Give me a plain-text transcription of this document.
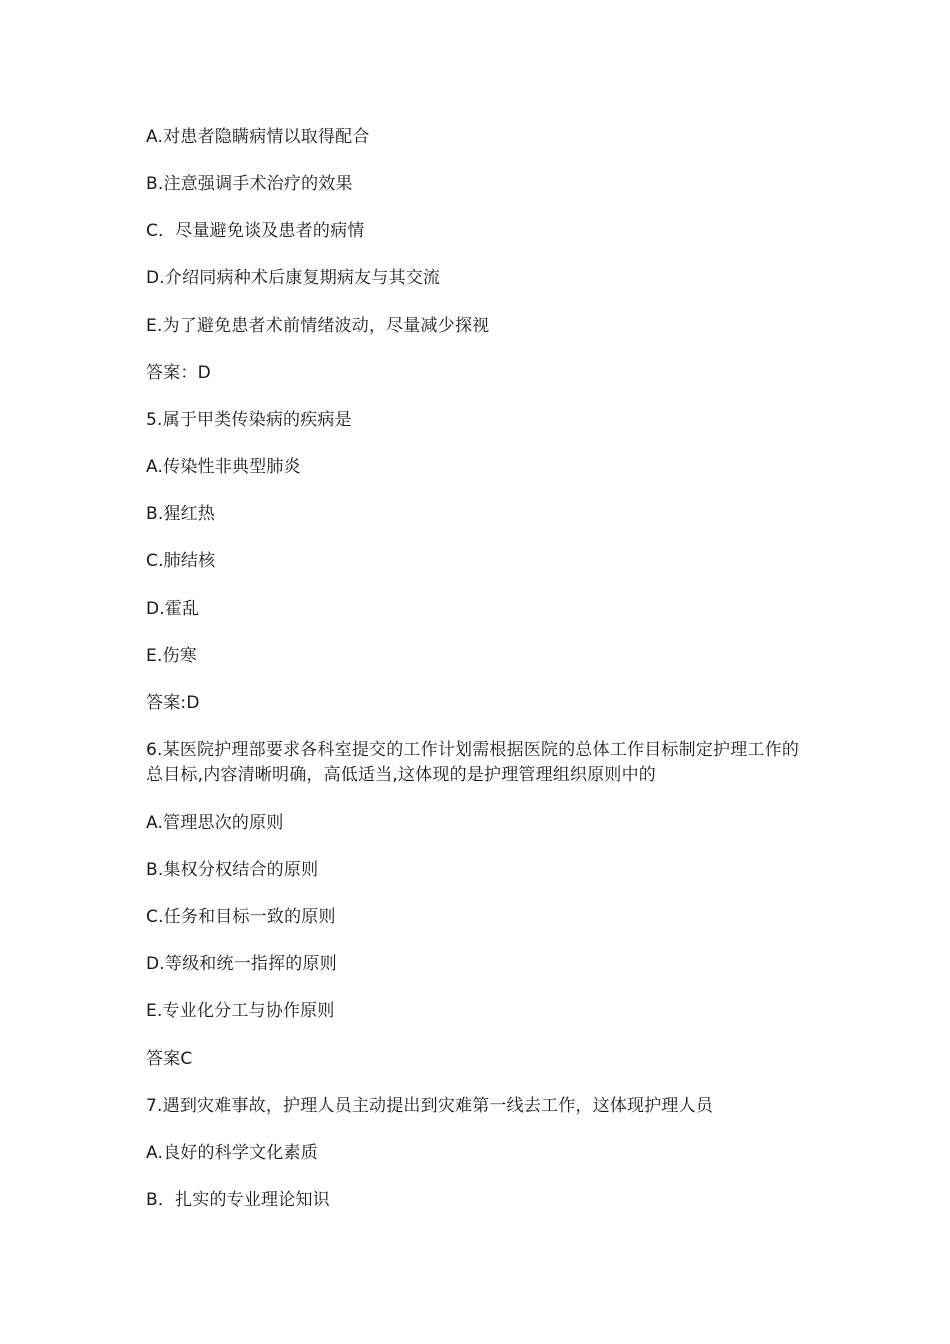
A.对患者隐瞒病情以取得配合
B.注意强调手术治疗的效果
C．尽量避免谈及患者的病情
D.介绍同病种术后康复期病友与其交流
E.为了避免患者术前情绪波动，尽量减少探视
答案：D
5.属于甲类传染病的疾病是
A.传染性非典型肺炎
B.猩红热
C.肺结核
D.霍乱
E.伤寒
答案:D
6.某医院护理部要求各科室提交的工作计划需根据医院的总体工作目标制定护理工作的总目标,内容清晰明确，高低适当,这体现的是护理管理组织原则中的
A.管理思次的原则
B.集权分权结合的原则
C.任务和目标一致的原则
D.等级和统一指挥的原则
E.专业化分工与协作原则
答案C
7.遇到灾难事故，护理人员主动提出到灾难第一线去工作，这体现护理人员
A.良好的科学文化素质
B．扎实的专业理论知识
